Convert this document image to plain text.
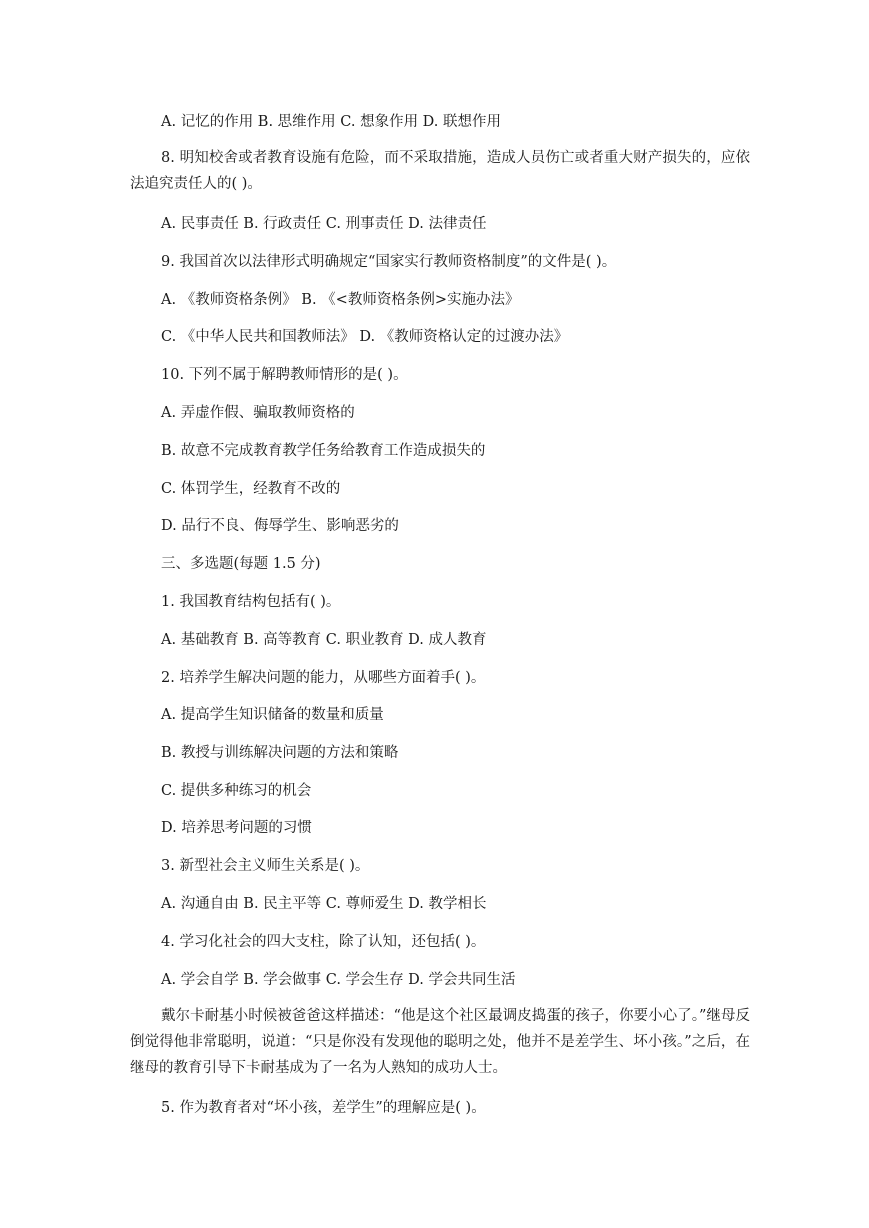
A. 记忆的作用 B. 思维作用 C. 想象作用 D. 联想作用
8. 明知校舍或者教育设施有危险，而不采取措施，造成人员伤亡或者重大财产损失的，应依法追究责任人的( )。
A. 民事责任 B. 行政责任 C. 刑事责任 D. 法律责任
9. 我国首次以法律形式明确规定“国家实行教师资格制度”的文件是( )。
A. 《教师资格条例》 B. 《<教师资格条例>实施办法》
C. 《中华人民共和国教师法》 D. 《教师资格认定的过渡办法》
10. 下列不属于解聘教师情形的是( )。
A. 弄虚作假、骗取教师资格的
B. 故意不完成教育教学任务给教育工作造成损失的
C. 体罚学生，经教育不改的
D. 品行不良、侮辱学生、影响恶劣的
三、多选题(每题 1.5 分)
1. 我国教育结构包括有( )。
A. 基础教育 B. 高等教育 C. 职业教育 D. 成人教育
2. 培养学生解决问题的能力，从哪些方面着手( )。
A. 提高学生知识储备的数量和质量
B. 教授与训练解决问题的方法和策略
C. 提供多种练习的机会
D. 培养思考问题的习惯
3. 新型社会主义师生关系是( )。
A. 沟通自由 B. 民主平等 C. 尊师爱生 D. 教学相长
4. 学习化社会的四大支柱，除了认知，还包括( )。
A. 学会自学 B. 学会做事 C. 学会生存 D. 学会共同生活
戴尔卡耐基小时候被爸爸这样描述：“他是这个社区最调皮捣蛋的孩子，你要小心了。”继母反倒觉得他非常聪明，说道：“只是你没有发现他的聪明之处，他并不是差学生、坏小孩。”之后，在继母的教育引导下卡耐基成为了一名为人熟知的成功人士。
5. 作为教育者对“坏小孩，差学生”的理解应是( )。
